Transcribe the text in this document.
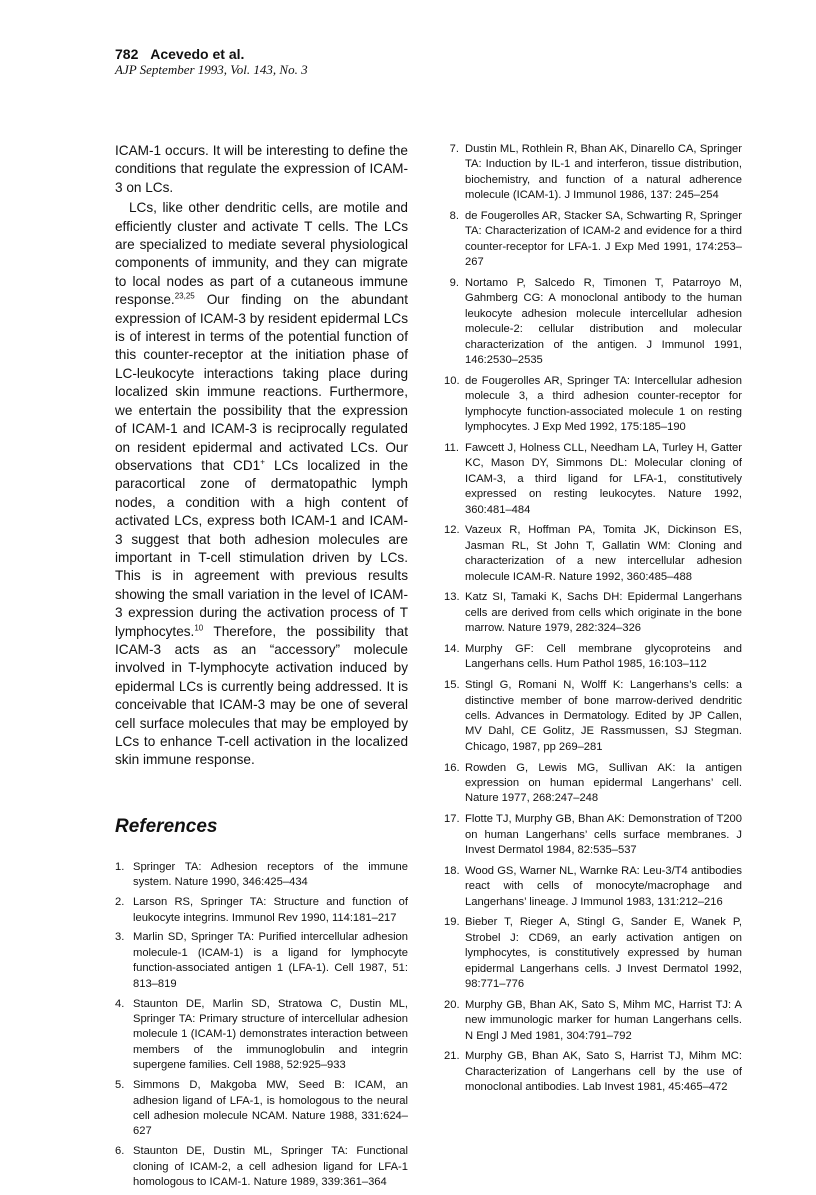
782 Acevedo et al.
AJP September 1993, Vol. 143, No. 3

ICAM-1 occurs. It will be interesting to define the conditions that regulate the expression of ICAM-3 on LCs.

LCs, like other dendritic cells, are motile and efficiently cluster and activate T cells. The LCs are specialized to mediate several physiological components of immunity, and they can migrate to local nodes as part of a cutaneous immune response.$^{23,25}$ Our finding on the abundant expression of ICAM-3 by resident epidermal LCs is of interest in terms of the potential function of this counter-receptor at the initiation phase of LC-leukocyte interactions taking place during localized skin immune reactions. Furthermore, we entertain the possibility that the expression of ICAM-1 and ICAM-3 is reciprocally regulated on resident epidermal and activated LCs. Our observations that CD1+ LCs localized in the paracortical zone of dermatopathic lymph nodes, a condition with a high content of activated LCs, express both ICAM-1 and ICAM-3 suggest that both adhesion molecules are important in T-cell stimulation driven by LCs. This is in agreement with previous results showing the small variation in the level of ICAM-3 expression during the activation process of T lymphocytes.$^{10}$ Therefore, the possibility that ICAM-3 acts as an “accessory” molecule involved in T-lymphocyte activation induced by epidermal LCs is currently being addressed. It is conceivable that ICAM-3 may be one of several cell surface molecules that may be employed by LCs to enhance T-cell activation in the localized skin immune response.

References
1. Springer TA: Adhesion receptors of the immune system. Nature 1990, 346:425–434
2. Larson RS, Springer TA: Structure and function of leukocyte integrins. Immunol Rev 1990, 114:181–217
3. Marlin SD, Springer TA: Purified intercellular adhesion molecule-1 (ICAM-1) is a ligand for lymphocyte function-associated antigen 1 (LFA-1). Cell 1987, 51: 813–819
4. Staunton DE, Marlin SD, Stratowa C, Dustin ML, Springer TA: Primary structure of intercellular adhesion molecule 1 (ICAM-1) demonstrates interaction between members of the immunoglobulin and integrin supergene families. Cell 1988, 52:925–933
5. Simmons D, Makgoba MW, Seed B: ICAM, an adhesion ligand of LFA-1, is homologous to the neural cell adhesion molecule NCAM. Nature 1988, 331:624–627
6. Staunton DE, Dustin ML, Springer TA: Functional cloning of ICAM-2, a cell adhesion ligand for LFA-1 homologous to ICAM-1. Nature 1989, 339:361–364
7. Dustin ML, Rothlein R, Bhan AK, Dinarello CA, Springer TA: Induction by IL-1 and interferon, tissue distribution, biochemistry, and function of a natural adherence molecule (ICAM-1). J Immunol 1986, 137: 245–254
8. de Fougerolles AR, Stacker SA, Schwarting R, Springer TA: Characterization of ICAM-2 and evidence for a third counter-receptor for LFA-1. J Exp Med 1991, 174:253–267
9. Nortamo P, Salcedo R, Timonen T, Patarroyo M, Gahmberg CG: A monoclonal antibody to the human leukocyte adhesion molecule intercellular adhesion molecule-2: cellular distribution and molecular characterization of the antigen. J Immunol 1991, 146:2530–2535
10. de Fougerolles AR, Springer TA: Intercellular adhesion molecule 3, a third adhesion counter-receptor for lymphocyte function-associated molecule 1 on resting lymphocytes. J Exp Med 1992, 175:185–190
11. Fawcett J, Holness CLL, Needham LA, Turley H, Gatter KC, Mason DY, Simmons DL: Molecular cloning of ICAM-3, a third ligand for LFA-1, constitutively expressed on resting leukocytes. Nature 1992, 360:481–484
12. Vazeux R, Hoffman PA, Tomita JK, Dickinson ES, Jasman RL, St John T, Gallatin WM: Cloning and characterization of a new intercellular adhesion molecule ICAM-R. Nature 1992, 360:485–488
13. Katz SI, Tamaki K, Sachs DH: Epidermal Langerhans cells are derived from cells which originate in the bone marrow. Nature 1979, 282:324–326
14. Murphy GF: Cell membrane glycoproteins and Langerhans cells. Hum Pathol 1985, 16:103–112
15. Stingl G, Romani N, Wolff K: Langerhans’s cells: a distinctive member of bone marrow-derived dendritic cells. Advances in Dermatology. Edited by JP Callen, MV Dahl, CE Golitz, JE Rassmussen, SJ Stegman. Chicago, 1987, pp 269–281
16. Rowden G, Lewis MG, Sullivan AK: Ia antigen expression on human epidermal Langerhans’ cell. Nature 1977, 268:247–248
17. Flotte TJ, Murphy GB, Bhan AK: Demonstration of T200 on human Langerhans’ cells surface membranes. J Invest Dermatol 1984, 82:535–537
18. Wood GS, Warner NL, Warnke RA: Leu-3/T4 antibodies react with cells of monocyte/macrophage and Langerhans’ lineage. J Immunol 1983, 131:212–216
19. Bieber T, Rieger A, Stingl G, Sander E, Wanek P, Strobel J: CD69, an early activation antigen on lymphocytes, is constitutively expressed by human epidermal Langerhans cells. J Invest Dermatol 1992, 98:771–776
20. Murphy GB, Bhan AK, Sato S, Mihm MC, Harrist TJ: A new immunologic marker for human Langerhans cells. N Engl J Med 1981, 304:791–792
21. Murphy GB, Bhan AK, Sato S, Harrist TJ, Mihm MC: Characterization of Langerhans cell by the use of monoclonal antibodies. Lab Invest 1981, 45:465–472
